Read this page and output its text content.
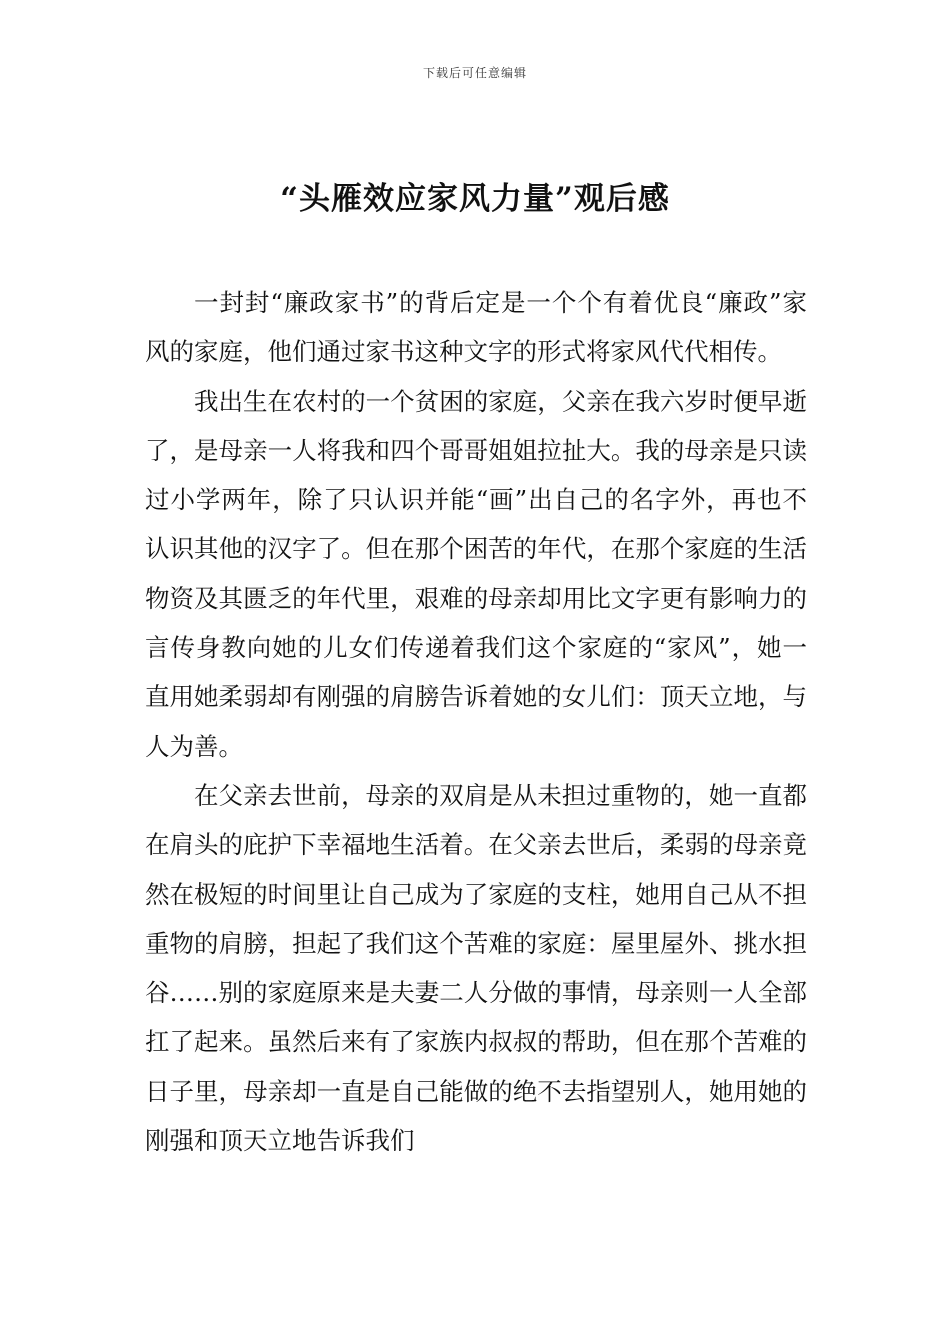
下载后可任意编辑
“头雁效应家风力量”观后感

一封封“廉政家书”的背后定是一个个有着优良“廉政”家风的家庭，他们通过家书这种文字的形式将家风代代相传。

我出生在农村的一个贫困的家庭，父亲在我六岁时便早逝了，是母亲一人将我和四个哥哥姐姐拉扯大。我的母亲是只读过小学两年，除了只认识并能“画”出自己的名字外，再也不认识其他的汉字了。但在那个困苦的年代，在那个家庭的生活物资及其匮乏的年代里，艰难的母亲却用比文字更有影响力的言传身教向她的儿女们传递着我们这个家庭的“家风”，她一直用她柔弱却有刚强的肩膀告诉着她的女儿们：顶天立地，与人为善。

在父亲去世前，母亲的双肩是从未担过重物的，她一直都在肩头的庇护下幸福地生活着。在父亲去世后，柔弱的母亲竟然在极短的时间里让自己成为了家庭的支柱，她用自己从不担重物的肩膀，担起了我们这个苦难的家庭：屋里屋外、挑水担谷……别的家庭原来是夫妻二人分做的事情，母亲则一人全部扛了起来。虽然后来有了家族内叔叔的帮助，但在那个苦难的日子里，母亲却一直是自己能做的绝不去指望别人，她用她的刚强和顶天立地告诉我们
